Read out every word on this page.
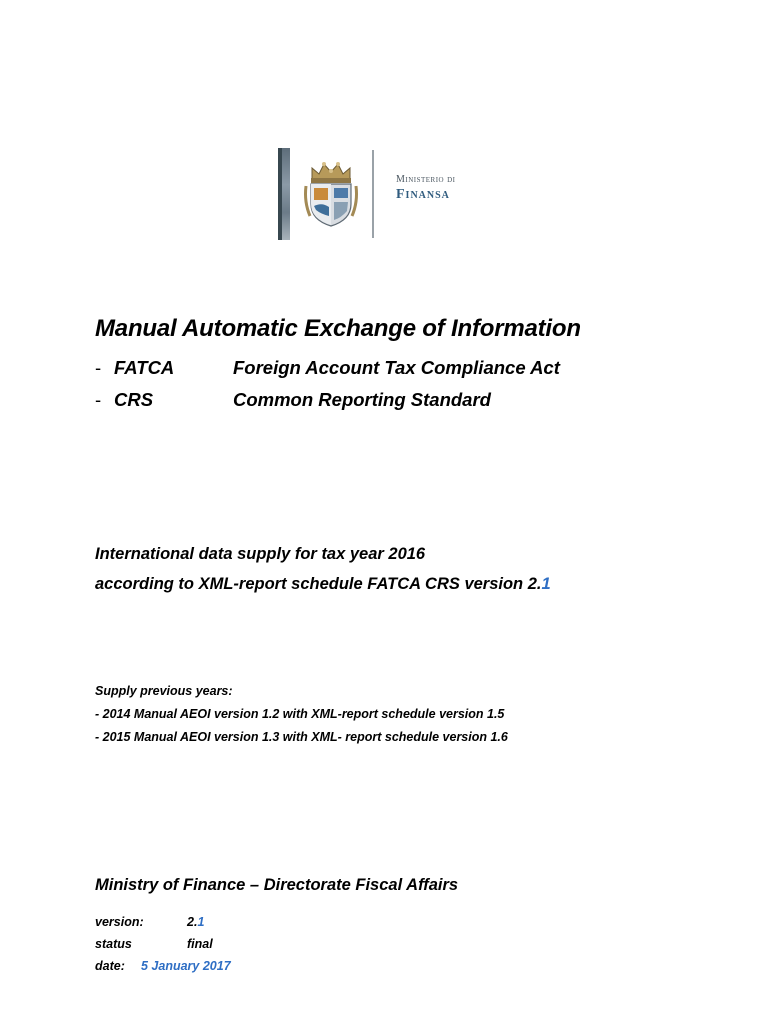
Ministerio di
Finansa
Manual Automatic Exchange of Information
- FATCA	Foreign Account Tax Compliance Act
- CRS	Common Reporting Standard
International data supply for tax year 2016
according to XML-report schedule FATCA CRS version 2.1
Supply previous years:
- 2014 Manual AEOI version 1.2 with XML-report schedule version 1.5
- 2015 Manual AEOI version 1.3 with XML- report schedule version 1.6
Ministry of Finance – Directorate Fiscal Affairs
version:	2.1
status	final
date: 5 January 2017
